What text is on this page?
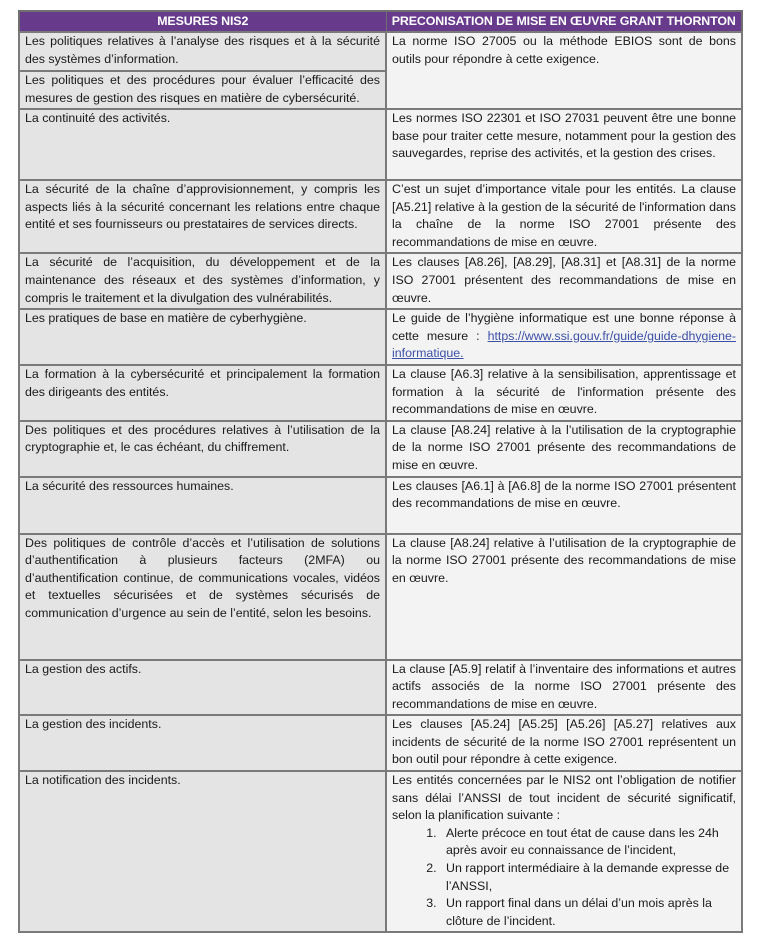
MESURES NIS2	PRECONISATION DE MISE EN ŒUVRE GRANT THORNTON

Les politiques relatives à l’analyse des risques et à la sécurité des systèmes d’information.
Les politiques et des procédures pour évaluer l’efficacité des mesures de gestion des risques en matière de cybersécurité.	La norme ISO 27005 ou la méthode EBIOS sont de bons outils pour répondre à cette exigence.
La continuité des activités.	Les normes ISO 22301 et ISO 27031 peuvent être une bonne base pour traiter cette mesure, notamment pour la gestion des sauvegardes, reprise des activités, et la gestion des crises.
La sécurité de la chaîne d’approvisionnement, y compris les aspects liés à la sécurité concernant les relations entre chaque entité et ses fournisseurs ou prestataires de services directs.	C’est un sujet d’importance vitale pour les entités. La clause [A5.21] relative à la gestion de la sécurité de l'information dans la chaîne de la norme ISO 27001 présente des recommandations de mise en œuvre.
La sécurité de l’acquisition, du développement et de la maintenance des réseaux et des systèmes d’information, y compris le traitement et la divulgation des vulnérabilités.	Les clauses [A8.26], [A8.29], [A8.31] et [A8.31] de la norme ISO 27001 présentent des recommandations de mise en œuvre.
Les pratiques de base en matière de cyberhygiène.	Le guide de l’hygiène informatique est une bonne réponse à cette mesure : https://www.ssi.gouv.fr/guide/guide-dhygiene-informatique.
La formation à la cybersécurité et principalement la formation des dirigeants des entités.	La clause [A6.3] relative à la sensibilisation, apprentissage et formation à la sécurité de l'information présente des recommandations de mise en œuvre.
Des politiques et des procédures relatives à l’utilisation de la cryptographie et, le cas échéant, du chiffrement.	La clause [A8.24] relative à la l’utilisation de la cryptographie de la norme ISO 27001 présente des recommandations de mise en œuvre.
La sécurité des ressources humaines.	Les clauses [A6.1] à [A6.8] de la norme ISO 27001 présentent des recommandations de mise en œuvre.
Des politiques de contrôle d’accès et l’utilisation de solutions d’authentification à plusieurs facteurs (2MFA) ou d’authentification continue, de communications vocales, vidéos et textuelles sécurisées et de systèmes sécurisés de communication d’urgence au sein de l’entité, selon les besoins.	La clause [A8.24] relative à l’utilisation de la cryptographie de la norme ISO 27001 présente des recommandations de mise en œuvre.
La gestion des actifs.	La clause [A5.9] relatif à l’inventaire des informations et autres actifs associés de la norme ISO 27001 présente des recommandations de mise en œuvre.
La gestion des incidents.	Les clauses [A5.24] [A5.25] [A5.26] [A5.27] relatives aux incidents de sécurité de la norme ISO 27001 représentent un bon outil pour répondre à cette exigence.
La notification des incidents.	Les entités concernées par le NIS2 ont l’obligation de notifier sans délai l’ANSSI de tout incident de sécurité significatif, selon la planification suivante :
1. Alerte précoce en tout état de cause dans les 24h après avoir eu connaissance de l’incident,
2. Un rapport intermédiaire à la demande expresse de l’ANSSI,
3. Un rapport final dans un délai d’un mois après la clôture de l’incident.
